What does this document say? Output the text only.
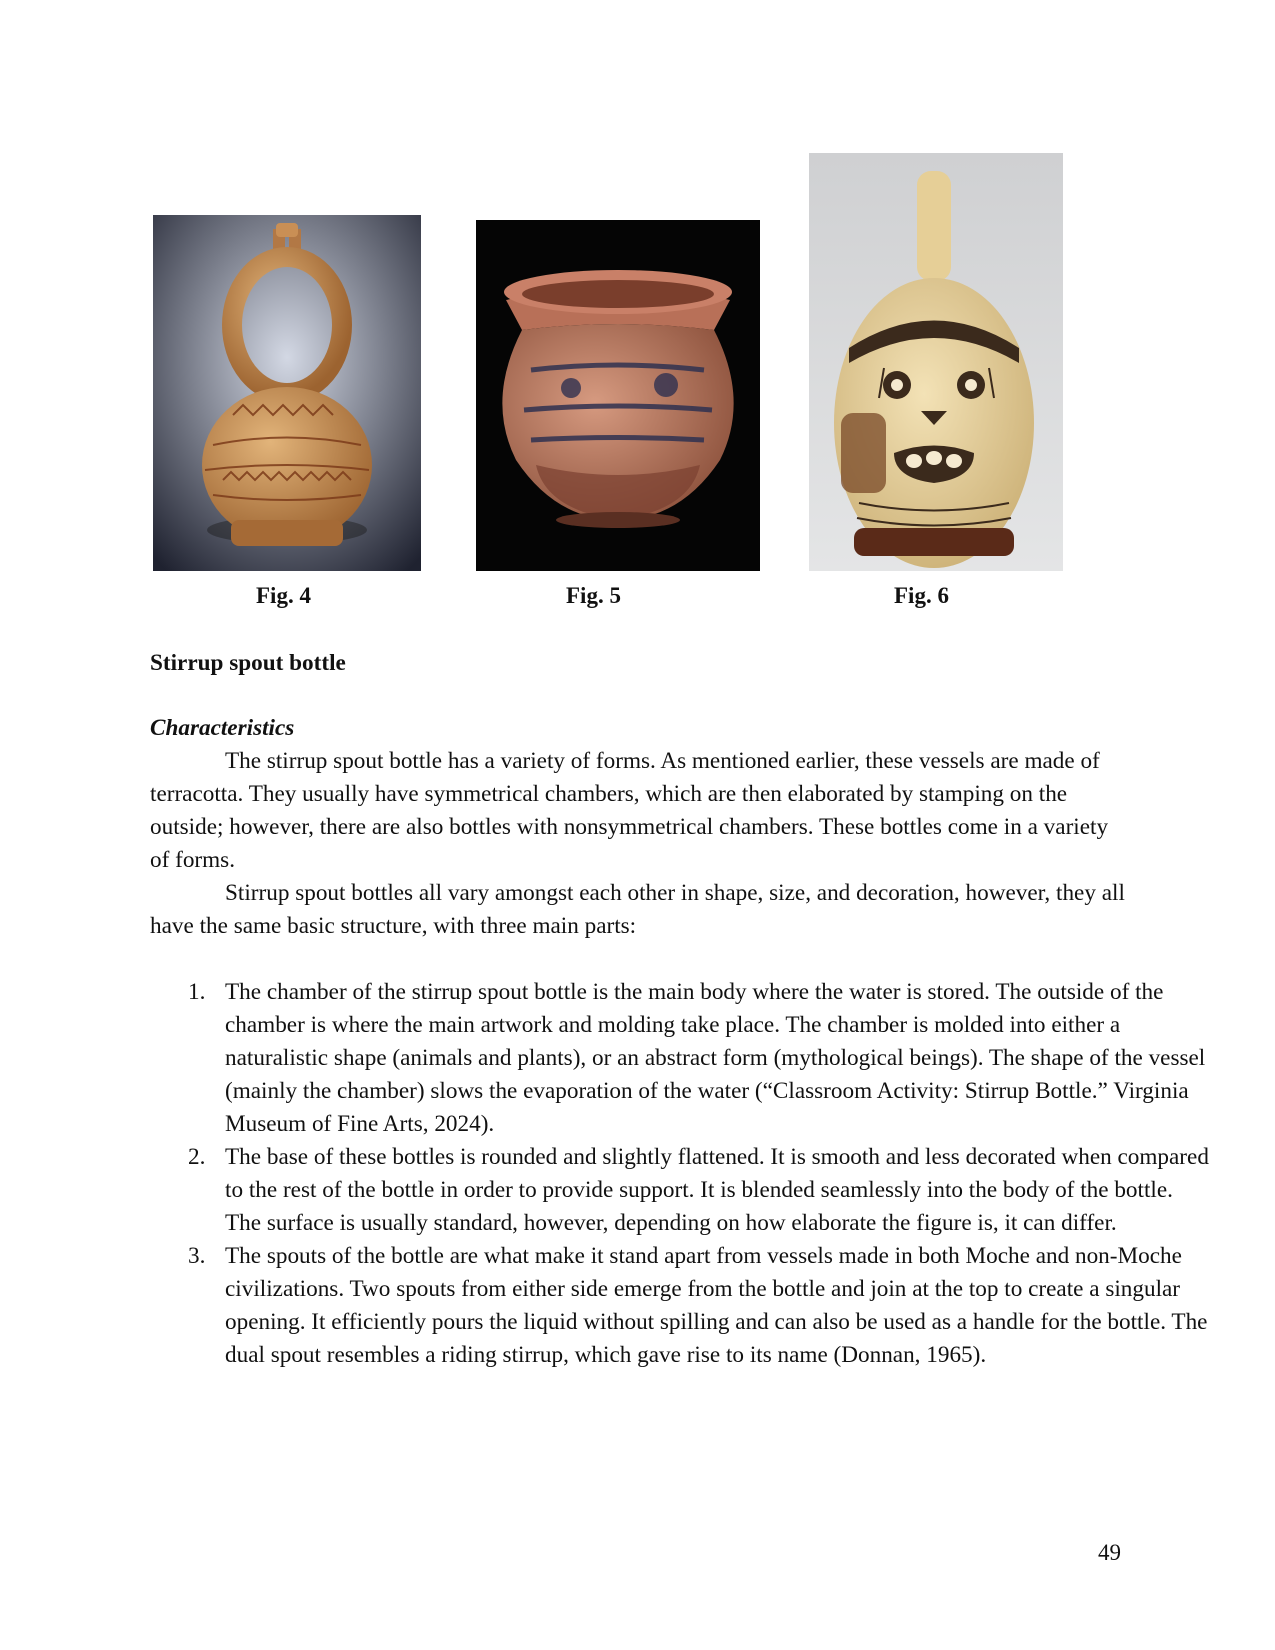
Fig. 4	Fig. 5	Fig. 6
Stirrup spout bottle
Characteristics
The stirrup spout bottle has a variety of forms. As mentioned earlier, these vessels are made of terracotta. They usually have symmetrical chambers, which are then elaborated by stamping on the outside; however, there are also bottles with nonsymmetrical chambers. These bottles come in a variety of forms.
Stirrup spout bottles all vary amongst each other in shape, size, and decoration, however, they all have the same basic structure, with three main parts:
1. The chamber of the stirrup spout bottle is the main body where the water is stored. The outside of the chamber is where the main artwork and molding take place. The chamber is molded into either a naturalistic shape (animals and plants), or an abstract form (mythological beings). The shape of the vessel (mainly the chamber) slows the evaporation of the water (“Classroom Activity: Stirrup Bottle.” Virginia Museum of Fine Arts, 2024).
2. The base of these bottles is rounded and slightly flattened. It is smooth and less decorated when compared to the rest of the bottle in order to provide support. It is blended seamlessly into the body of the bottle. The surface is usually standard, however, depending on how elaborate the figure is, it can differ.
3. The spouts of the bottle are what make it stand apart from vessels made in both Moche and non-Moche civilizations. Two spouts from either side emerge from the bottle and join at the top to create a singular opening. It efficiently pours the liquid without spilling and can also be used as a handle for the bottle. The dual spout resembles a riding stirrup, which gave rise to its name (Donnan, 1965).
49
